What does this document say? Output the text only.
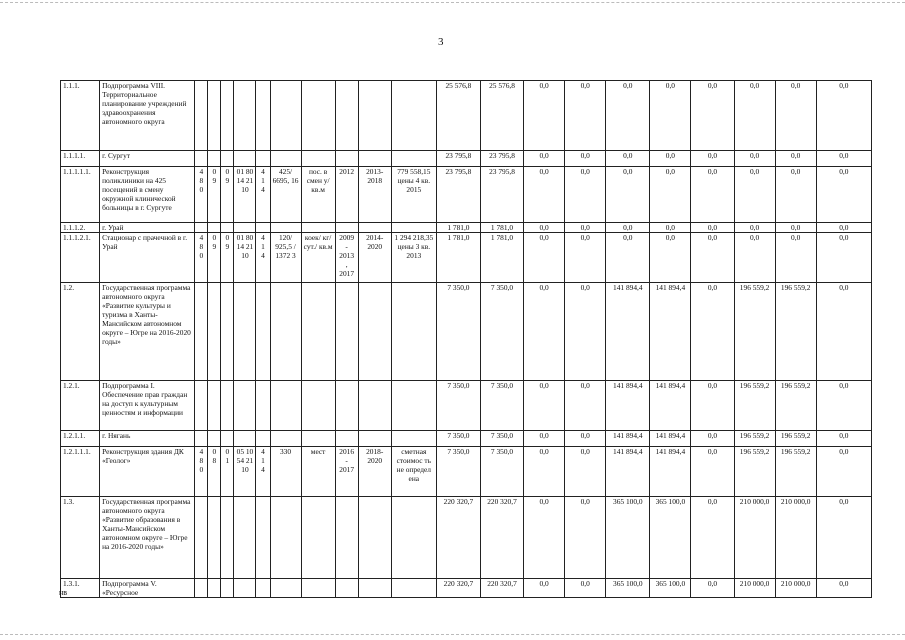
3
1.1.1.	Подпрограмма VIII. Территориальное планирование учреждений здравоохранения автономного округа											25 576,8	25 576,8	0,0	0,0	0,0	0,0	0,0	0,0	0,0	0,0
1.1.1.1.	г. Сургут											23 795,8	23 795,8	0,0	0,0	0,0	0,0	0,0	0,0	0,0	0,0
1.1.1.1.1.	Реконструкция поликлиники на 425 посещений в смену окружной клинической больницы в г. Сургуте	4 8 0	0 9	0 9	01 80 14 21 10	4 1 4	425/ 6695, 16	пос. в смен у/ кв.м	2012	2013-2018	779 558,15 цены 4 кв. 2015	23 795,8	23 795,8	0,0	0,0	0,0	0,0	0,0	0,0	0,0	0,0
1.1.1.2.	г. Урай											1 781,0	1 781,0	0,0	0,0	0,0	0,0	0,0	0,0	0,0	0,0
1.1.1.2.1.	Стационар с прачечной в г. Урай	4 8 0	0 9	0 9	01 80 14 21 10	4 1 4	120/ 925,5 / 1372 3	коек/ кг/ сут./ кв.м	2009 - 2013 , 2017	2014-2020	1 294 218,35 цены 3 кв. 2013	1 781,0	1 781,0	0,0	0,0	0,0	0,0	0,0	0,0	0,0	0,0
1.2.	Государственная программа автономного округа «Развитие культуры и туризма в Ханты-Мансийском автономном округе – Югре на 2016-2020 годы»											7 350,0	7 350,0	0,0	0,0	141 894,4	141 894,4	0,0	196 559,2	196 559,2	0,0
1.2.1.	Подпрограмма I. Обеспечение прав граждан на доступ к культурным ценностям и информации											7 350,0	7 350,0	0,0	0,0	141 894,4	141 894,4	0,0	196 559,2	196 559,2	0,0
1.2.1.1.	г. Нягань											7 350,0	7 350,0	0,0	0,0	141 894,4	141 894,4	0,0	196 559,2	196 559,2	0,0
1.2.1.1.1.	Реконструкция здания ДК «Геолог»	4 8 0	0 8	0 1	05 10 54 21 10	4 1 4	330	мест	2016 - 2017	2018-2020	сметная стоимос ть не определ ена	7 350,0	7 350,0	0,0	0,0	141 894,4	141 894,4	0,0	196 559,2	196 559,2	0,0
1.3.	Государственная программа автономного округа «Развитие образования в Ханты-Мансийском автономном округе – Югре на 2016-2020 годы»											220 320,7	220 320,7	0,0	0,0	365 100,0	365 100,0	0,0	210 000,0	210 000,0	0,0
1.3.1.	Подпрограмма V. «Ресурсное											220 320,7	220 320,7	0,0	0,0	365 100,0	365 100,0	0,0	210 000,0	210 000,0	0,0
нв
